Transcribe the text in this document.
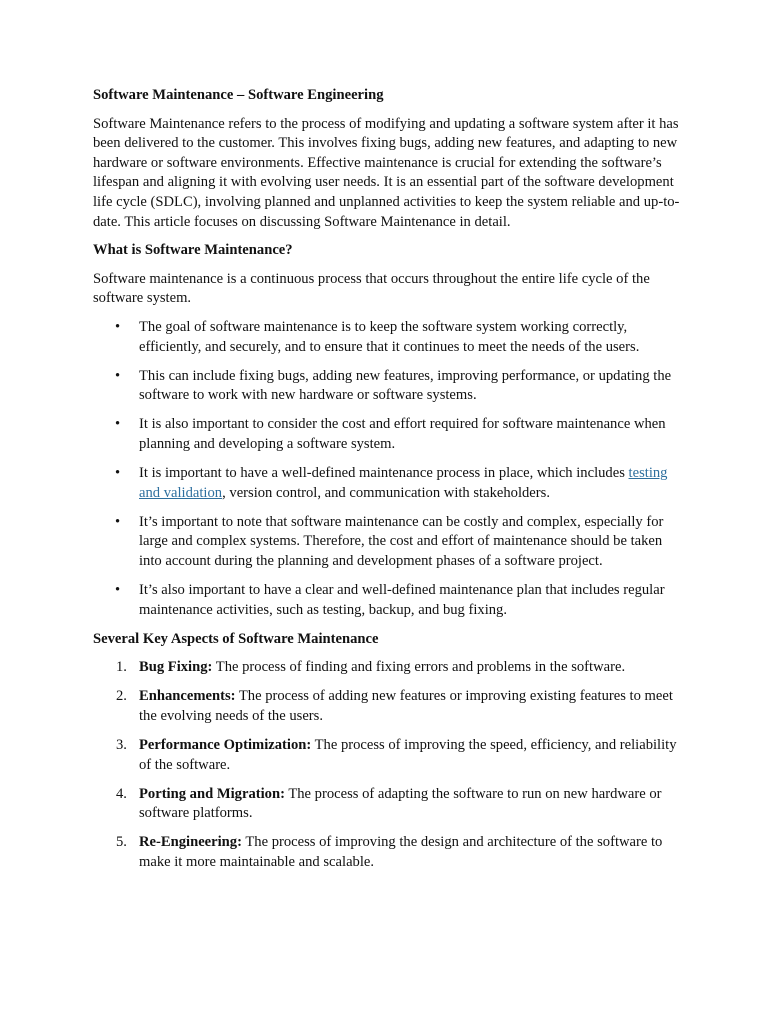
Software Maintenance – Software Engineering

Software Maintenance refers to the process of modifying and updating a software system after it has been delivered to the customer. This involves fixing bugs, adding new features, and adapting to new hardware or software environments. Effective maintenance is crucial for extending the software’s lifespan and aligning it with evolving user needs. It is an essential part of the software development life cycle (SDLC), involving planned and unplanned activities to keep the system reliable and up-to-date. This article focuses on discussing Software Maintenance in detail.

What is Software Maintenance?

Software maintenance is a continuous process that occurs throughout the entire life cycle of the software system.

• The goal of software maintenance is to keep the software system working correctly, efficiently, and securely, and to ensure that it continues to meet the needs of the users.
• This can include fixing bugs, adding new features, improving performance, or updating the software to work with new hardware or software systems.
• It is also important to consider the cost and effort required for software maintenance when planning and developing a software system.
• It is important to have a well-defined maintenance process in place, which includes testing and validation, version control, and communication with stakeholders.
• It’s important to note that software maintenance can be costly and complex, especially for large and complex systems. Therefore, the cost and effort of maintenance should be taken into account during the planning and development phases of a software project.
• It’s also important to have a clear and well-defined maintenance plan that includes regular maintenance activities, such as testing, backup, and bug fixing.
Several Key Aspects of Software Maintenance
1. Bug Fixing: The process of finding and fixing errors and problems in the software.
2. Enhancements: The process of adding new features or improving existing features to meet the evolving needs of the users.
3. Performance Optimization: The process of improving the speed, efficiency, and reliability of the software.
4. Porting and Migration: The process of adapting the software to run on new hardware or software platforms.
5. Re-Engineering: The process of improving the design and architecture of the software to make it more maintainable and scalable.
